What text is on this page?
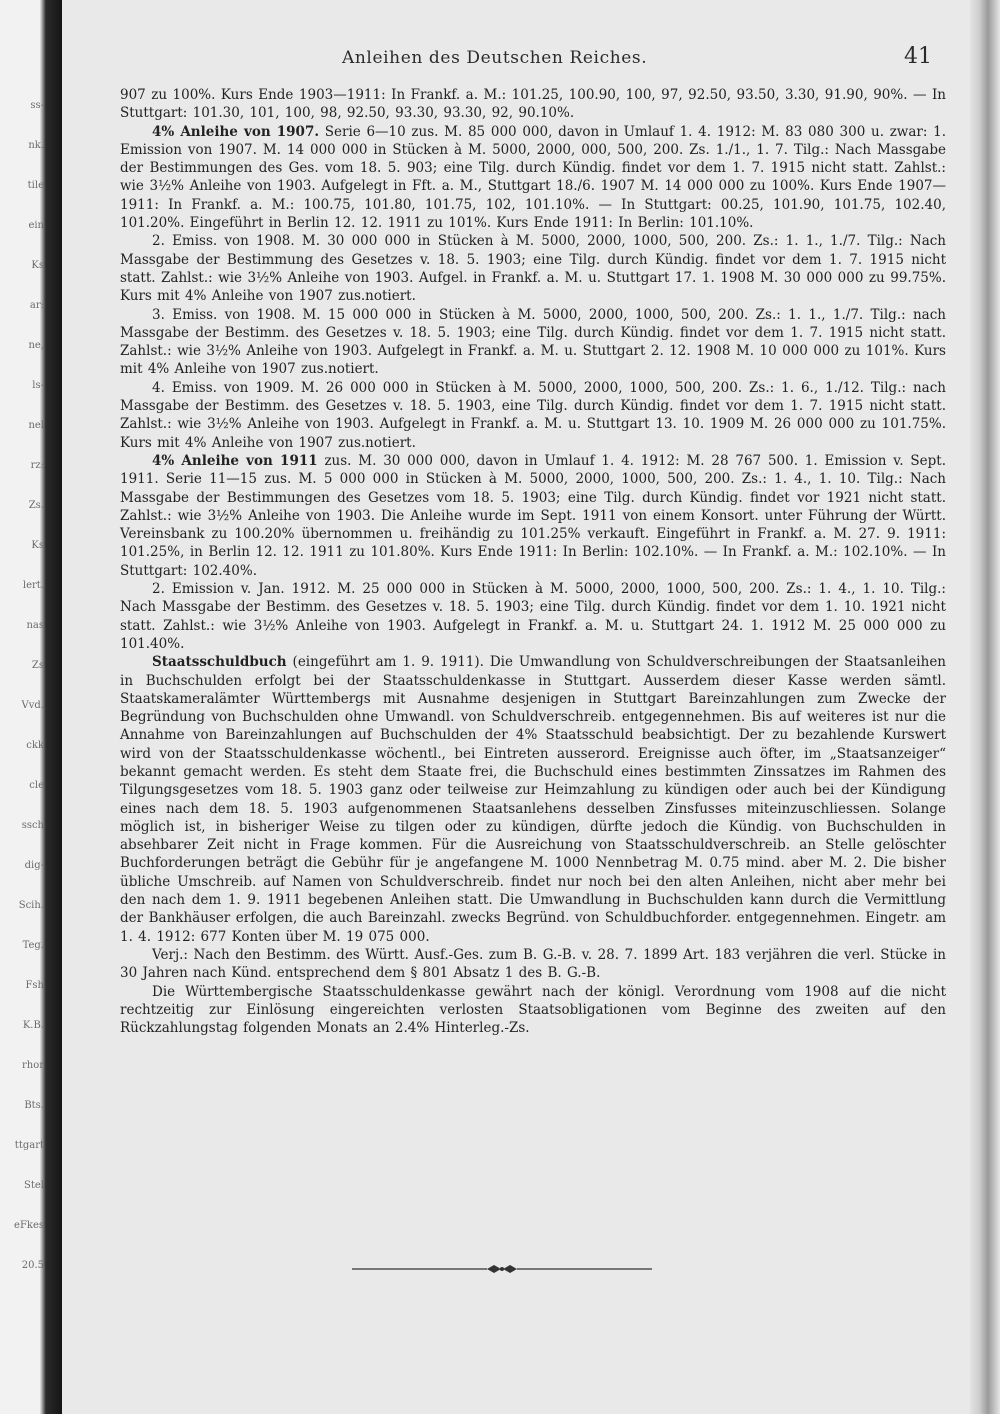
ss-
nk.
tile
ein
Ks
ar:
ne,
ls-
nel
rz:
Zs.
Ks
lert.
nas
Zs
Vvd.
ckk
cle
ssch
dig-
Scih.
Teg.
Fsh
K.B.
rhor
Bts.
ttgart
Stel
eFkes
20.5
Anleihen des Deutschen Reiches.	41

907 zu 100%. Kurs Ende 1903—1911: In Frankf. a. M.: 101.25, 100.90, 100, 97, 92.50, 93.50, 3.30, 91.90, 90%. — In Stuttgart: 101.30, 101, 100, 98, 92.50, 93.30, 93.30, 92, 90.10%.

4% Anleihe von 1907. Serie 6—10 zus. M. 85 000 000, davon in Umlauf 1. 4. 1912: M. 83 080 300 u. zwar: 1. Emission von 1907. M. 14 000 000 in Stücken à M. 5000, 2000, 000, 500, 200. Zs. 1./1., 1. 7. Tilg.: Nach Massgabe der Bestimmungen des Ges. vom 18. 5. 903; eine Tilg. durch Kündig. findet vor dem 1. 7. 1915 nicht statt. Zahlst.: wie 3½% Anleihe von 1903. Aufgelegt in Fft. a. M., Stuttgart 18./6. 1907 M. 14 000 000 zu 100%. Kurs Ende 1907—1911: In Frankf. a. M.: 100.75, 101.80, 101.75, 102, 101.10%. — In Stuttgart: 00.25, 101.90, 101.75, 102.40, 101.20%. Eingeführt in Berlin 12. 12. 1911 zu 101%. Kurs Ende 1911: In Berlin: 101.10%.

2. Emiss. von 1908. M. 30 000 000 in Stücken à M. 5000, 2000, 1000, 500, 200. Zs.: 1. 1., 1./7. Tilg.: Nach Massgabe der Bestimmung des Gesetzes v. 18. 5. 1903; eine Tilg. durch Kündig. findet vor dem 1. 7. 1915 nicht statt. Zahlst.: wie 3½% Anleihe von 1903. Aufgel. in Frankf. a. M. u. Stuttgart 17. 1. 1908 M. 30 000 000 zu 99.75%. Kurs mit 4% Anleihe von 1907 zus.notiert.

3. Emiss. von 1908. M. 15 000 000 in Stücken à M. 5000, 2000, 1000, 500, 200. Zs.: 1. 1., 1./7. Tilg.: nach Massgabe der Bestimm. des Gesetzes v. 18. 5. 1903; eine Tilg. durch Kündig. findet vor dem 1. 7. 1915 nicht statt. Zahlst.: wie 3½% Anleihe von 1903. Aufgelegt in Frankf. a. M. u. Stuttgart 2. 12. 1908 M. 10 000 000 zu 101%. Kurs mit 4% Anleihe von 1907 zus.notiert.

4. Emiss. von 1909. M. 26 000 000 in Stücken à M. 5000, 2000, 1000, 500, 200. Zs.: 1. 6., 1./12. Tilg.: nach Massgabe der Bestimm. des Gesetzes v. 18. 5. 1903, eine Tilg. durch Kündig. findet vor dem 1. 7. 1915 nicht statt. Zahlst.: wie 3½% Anleihe von 1903. Aufgelegt in Frankf. a. M. u. Stuttgart 13. 10. 1909 M. 26 000 000 zu 101.75%. Kurs mit 4% Anleihe von 1907 zus.notiert.

4% Anleihe von 1911 zus. M. 30 000 000, davon in Umlauf 1. 4. 1912: M. 28 767 500. 1. Emission v. Sept. 1911. Serie 11—15 zus. M. 5 000 000 in Stücken à M. 5000, 2000, 1000, 500, 200. Zs.: 1. 4., 1. 10. Tilg.: Nach Massgabe der Bestimmungen des Gesetzes vom 18. 5. 1903; eine Tilg. durch Kündig. findet vor 1921 nicht statt. Zahlst.: wie 3½% Anleihe von 1903. Die Anleihe wurde im Sept. 1911 von einem Konsort. unter Führung der Württ. Vereinsbank zu 100.20% übernommen u. freihändig zu 101.25% verkauft. Eingeführt in Frankf. a. M. 27. 9. 1911: 101.25%, in Berlin 12. 12. 1911 zu 101.80%. Kurs Ende 1911: In Berlin: 102.10%. — In Frankf. a. M.: 102.10%. — In Stuttgart: 102.40%.

2. Emission v. Jan. 1912. M. 25 000 000 in Stücken à M. 5000, 2000, 1000, 500, 200. Zs.: 1. 4., 1. 10. Tilg.: Nach Massgabe der Bestimm. des Gesetzes v. 18. 5. 1903; eine Tilg. durch Kündig. findet vor dem 1. 10. 1921 nicht statt. Zahlst.: wie 3½% Anleihe von 1903. Aufgelegt in Frankf. a. M. u. Stuttgart 24. 1. 1912 M. 25 000 000 zu 101.40%.

Staatsschuldbuch (eingeführt am 1. 9. 1911). Die Umwandlung von Schuldverschreibungen der Staatsanleihen in Buchschulden erfolgt bei der Staatsschuldenkasse in Stuttgart. Ausserdem dieser Kasse werden sämtl. Staatskameralämter Württembergs mit Ausnahme desjenigen in Stuttgart Bareinzahlungen zum Zwecke der Begründung von Buchschulden ohne Umwandl. von Schuldverschreib. entgegennehmen. Bis auf weiteres ist nur die Annahme von Bareinzahlungen auf Buchschulden der 4% Staatsschuld beabsichtigt. Der zu bezahlende Kurswert wird von der Staatsschuldenkasse wöchentl., bei Eintreten ausserord. Ereignisse auch öfter, im „Staatsanzeiger“ bekannt gemacht werden. Es steht dem Staate frei, die Buchschuld eines bestimmten Zinssatzes im Rahmen des Tilgungsgesetzes vom 18. 5. 1903 ganz oder teilweise zur Heimzahlung zu kündigen oder auch bei der Kündigung eines nach dem 18. 5. 1903 aufgenommenen Staatsanlehens desselben Zinsfusses miteinzuschliessen. Solange möglich ist, in bisheriger Weise zu tilgen oder zu kündigen, dürfte jedoch die Kündig. von Buchschulden in absehbarer Zeit nicht in Frage kommen. Für die Ausreichung von Staatsschuldverschreib. an Stelle gelöschter Buchforderungen beträgt die Gebühr für je angefangene M. 1000 Nennbetrag M. 0.75 mind. aber M. 2. Die bisher übliche Umschreib. auf Namen von Schuldverschreib. findet nur noch bei den alten Anleihen, nicht aber mehr bei den nach dem 1. 9. 1911 begebenen Anleihen statt. Die Umwandlung in Buchschulden kann durch die Vermittlung der Bankhäuser erfolgen, die auch Bareinzahl. zwecks Begründ. von Schuldbuchforder. entgegennehmen. Eingetr. am 1. 4. 1912: 677 Konten über M. 19 075 000.

Verj.: Nach den Bestimm. des Württ. Ausf.-Ges. zum B. G.-B. v. 28. 7. 1899 Art. 183 verjähren die verl. Stücke in 30 Jahren nach Künd. entsprechend dem § 801 Absatz 1 des B. G.-B.

Die Württembergische Staatsschuldenkasse gewährt nach der königl. Verordnung vom 1908 auf die nicht rechtzeitig zur Einlösung eingereichten verlosten Staatsobligationen vom Beginne des zweiten auf den Rückzahlungstag folgenden Monats an 2.4% Hinterleg.-Zs.
